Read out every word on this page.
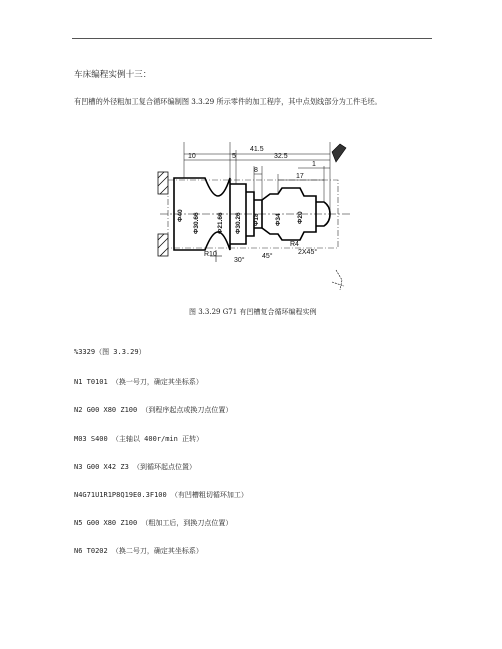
车床编程实例十三：
有凹槽的外径粗加工复合循环编制图 3.3.29 所示零件的加工程序，其中点划线部分为工件毛坯。
41.5
10	5	32.5
1
8
17
Φ40 Φ30.66	Φ21.66 Φ30.26 Φ18 Φ34 Φ20
R10
30°
45°
R4
2X45°
图 3.3.29 G71 有凹槽复合循环编程实例
%3329（图 3.3.29）
N1 T0101 （换一号刀，确定其坐标系）
N2 G00 X80 Z100 （到程序起点或换刀点位置）
M03 S400 （主轴以 400r/min 正转）
N3 G00 X42 Z3 （到循环起点位置）
N4G71U1R1P8Q19E0.3F100 （有凹槽粗切循环加工）
N5 G00 X80 Z100 （粗加工后，到换刀点位置）
N6 T0202 （换二号刀，确定其坐标系）
